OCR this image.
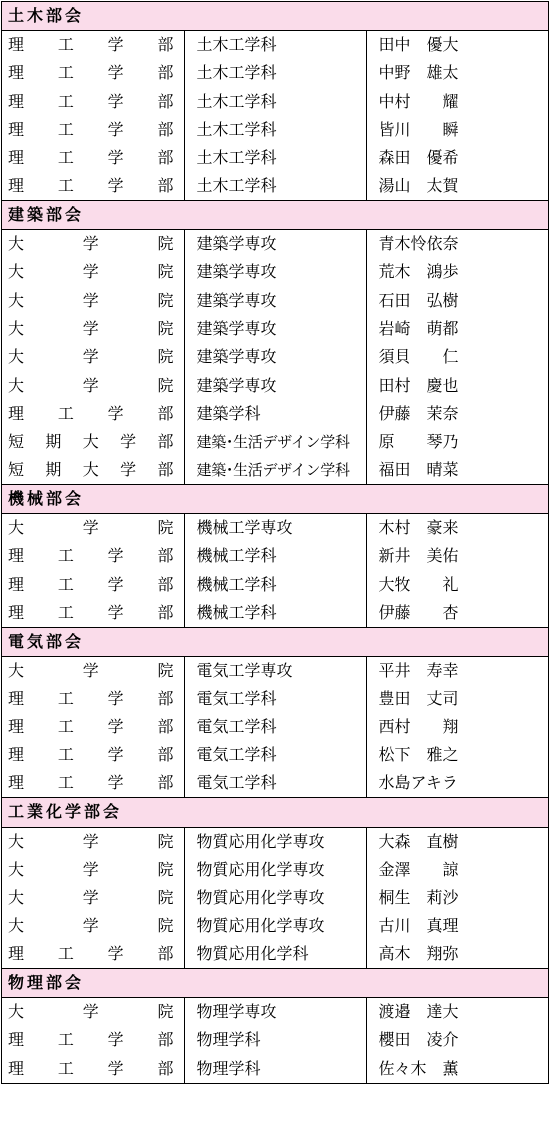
土木部会		

理 工 学 部	土木工学科	田中　優大

理 工 学 部	土木工学科	中野　雄太

理 工 学 部	土木工学科	中村　　耀

理 工 学 部	土木工学科	皆川　　瞬

理 工 学 部	土木工学科	森田　優希

理 工 学 部	土木工学科	湯山　太賀
建築部会		

大 学 院	建築学専攻	青木怜依奈

大 学 院	建築学専攻	荒木　鴻歩

大 学 院	建築学専攻	石田　弘樹

大 学 院	建築学専攻	岩崎　萌都

大 学 院	建築学専攻	須貝　　仁

大 学 院	建築学専攻	田村　慶也

理 工 学 部	建築学科	伊藤　茉奈

短 期 大 学 部	建築･生活デザイン学科	原　　琴乃

短 期 大 学 部	建築･生活デザイン学科	福田　晴菜
機械部会		

大 学 院	機械工学専攻	木村　豪来

理 工 学 部	機械工学科	新井　美佑

理 工 学 部	機械工学科	大牧　　礼

理 工 学 部	機械工学科	伊藤　　杏
電気部会		

大 学 院	電気工学専攻	平井　寿幸

理 工 学 部	電気工学科	豊田　丈司

理 工 学 部	電気工学科	西村　　翔

理 工 学 部	電気工学科	松下　雅之

理 工 学 部	電気工学科	水島アキラ
工業化学部会		

大 学 院	物質応用化学専攻	大森　直樹

大 学 院	物質応用化学専攻	金澤　　諒

大 学 院	物質応用化学専攻	桐生　莉沙

大 学 院	物質応用化学専攻	古川　真理

理 工 学 部	物質応用化学科	高木　翔弥
物理部会		

大 学 院	物理学専攻	渡邉　達大

理 工 学 部	物理学科	櫻田　凌介

理 工 学 部	物理学科	佐々木　薫
